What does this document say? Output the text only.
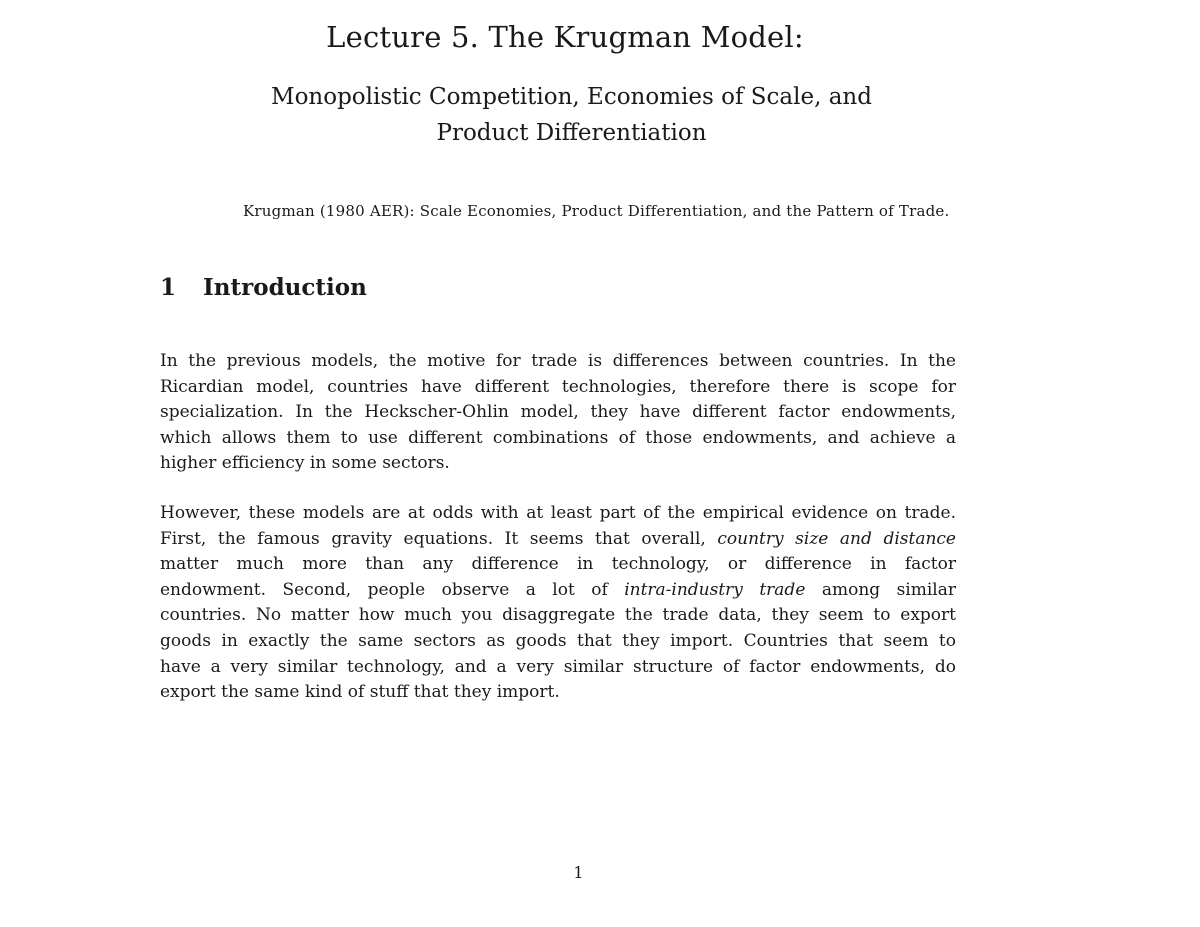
Lecture 5. The Krugman Model:
Monopolistic Competition, Economies of Scale, and
Product Differentiation

Krugman (1980 AER): Scale Economies, Product Differentiation, and the Pattern of Trade.

1 Introduction
In the previous models, the motive for trade is differences between countries. In the
Ricardian model, countries have different technologies, therefore there is scope for
specialization. In the Heckscher-Ohlin model, they have different factor endowments,
which allows them to use different combinations of those endowments, and achieve a
higher efficiency in some sectors.
However, these models are at odds with at least part of the empirical evidence on trade.
First, the famous gravity equations. It seems that overall, country size and distance
matter much more than any difference in technology, or difference in factor
endowment. Second, people observe a lot of intra-industry trade among similar
countries. No matter how much you disaggregate the trade data, they seem to export
goods in exactly the same sectors as goods that they import. Countries that seem to
have a very similar technology, and a very similar structure of factor endowments, do
export the same kind of stuff that they import.

1
